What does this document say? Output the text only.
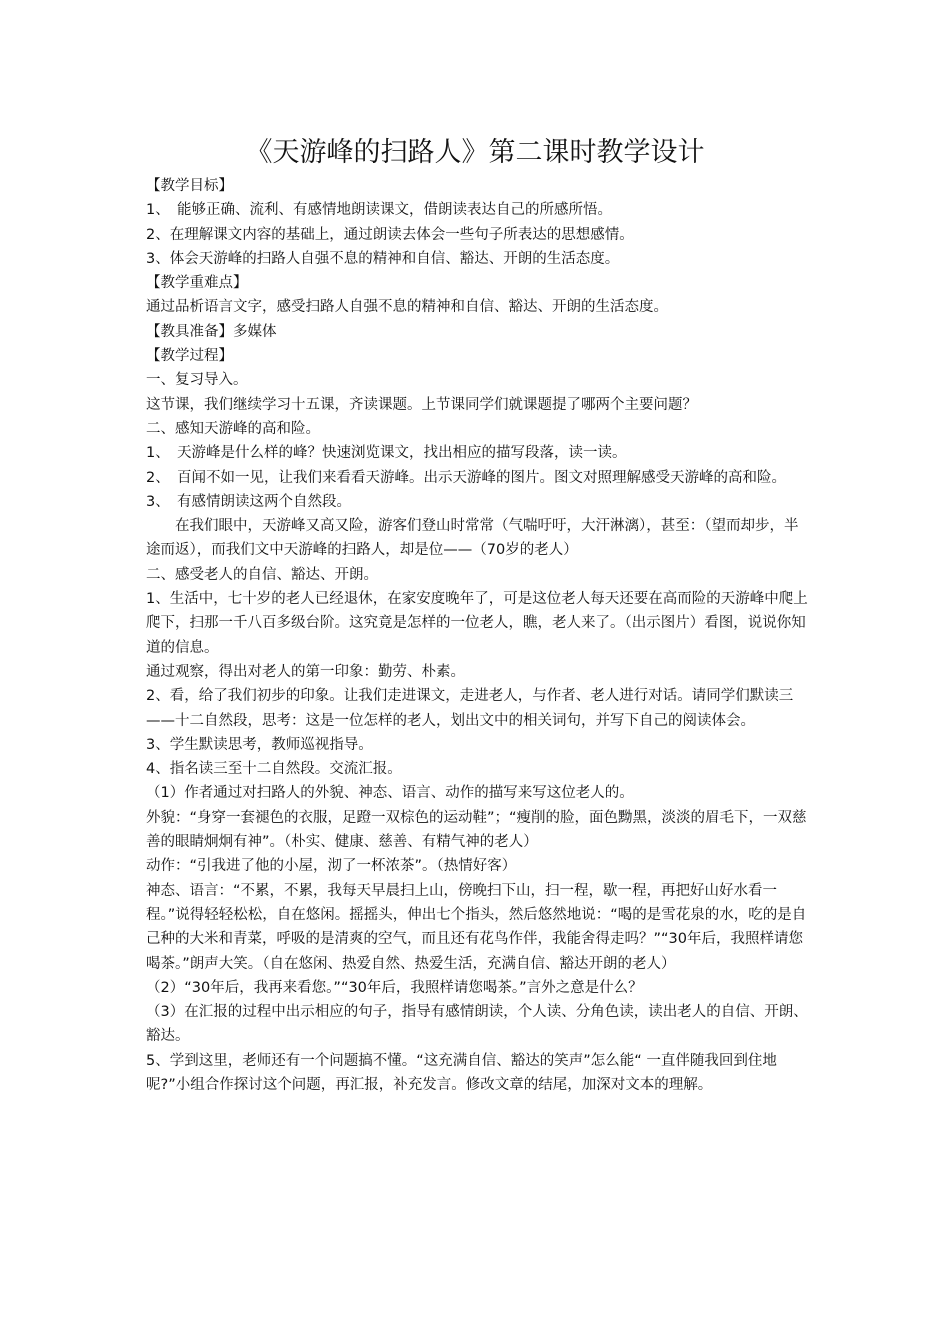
《天游峰的扫路人》第二课时教学设计

【教学目标】

1、　能够正确、流利、有感情地朗读课文，借朗读表达自己的所感所悟。

2、在理解课文内容的基础上，通过朗读去体会一些句子所表达的思想感情。

3、体会天游峰的扫路人自强不息的精神和自信、豁达、开朗的生活态度。

【教学重难点】

通过品析语言文字，感受扫路人自强不息的精神和自信、豁达、开朗的生活态度。

【教具准备】多媒体

【教学过程】

一、复习导入。

这节课，我们继续学习十五课，齐读课题。上节课同学们就课题提了哪两个主要问题？

二、感知天游峰的高和险。

1、　天游峰是什么样的峰？快速浏览课文，找出相应的描写段落，读一读。

2、　百闻不如一见，让我们来看看天游峰。出示天游峰的图片。图文对照理解感受天游峰的高和险。

3、　有感情朗读这两个自然段。

在我们眼中，天游峰又高又险，游客们登山时常常（气喘吁吁，大汗淋漓），甚至：（望而却步，半途而返），而我们文中天游峰的扫路人，却是位——（70岁的老人）

二、感受老人的自信、豁达、开朗。

1、生活中，七十岁的老人已经退休，在家安度晚年了，可是这位老人每天还要在高而险的天游峰中爬上爬下，扫那一千八百多级台阶。这究竟是怎样的一位老人，瞧，老人来了。（出示图片）看图，说说你知道的信息。

通过观察，得出对老人的第一印象：勤劳、朴素。

2、看，给了我们初步的印象。让我们走进课文，走进老人，与作者、老人进行对话。请同学们默读三——十二自然段，思考：这是一位怎样的老人，划出文中的相关词句，并写下自己的阅读体会。

3、学生默读思考，教师巡视指导。

4、指名读三至十二自然段。交流汇报。

（1）作者通过对扫路人的外貌、神态、语言、动作的描写来写这位老人的。

外貌：“身穿一套褪色的衣服，足蹬一双棕色的运动鞋”；“瘦削的脸，面色黝黑，淡淡的眉毛下，一双慈善的眼睛炯炯有神”。（朴实、健康、慈善、有精气神的老人）

动作：“引我进了他的小屋，沏了一杯浓茶”。（热情好客）

神态、语言：“不累，不累，我每天早晨扫上山，傍晚扫下山，扫一程，歇一程，再把好山好水看一程。”说得轻轻松松，自在悠闲。摇摇头，伸出七个指头，然后悠然地说：“喝的是雪花泉的水，吃的是自己种的大米和青菜，呼吸的是清爽的空气，而且还有花鸟作伴，我能舍得走吗？”“30年后，我照样请您喝茶。”朗声大笑。（自在悠闲、热爱自然、热爱生活，充满自信、豁达开朗的老人）

（2）“30年后，我再来看您。”“30年后，我照样请您喝茶。”言外之意是什么？

（3）在汇报的过程中出示相应的句子，指导有感情朗读，个人读、分角色读，读出老人的自信、开朗、豁达。

5、学到这里，老师还有一个问题搞不懂。“这充满自信、豁达的笑声”怎么能“ 一直伴随我回到住地呢?”小组合作探讨这个问题，再汇报，补充发言。修改文章的结尾，加深对文本的理解。
